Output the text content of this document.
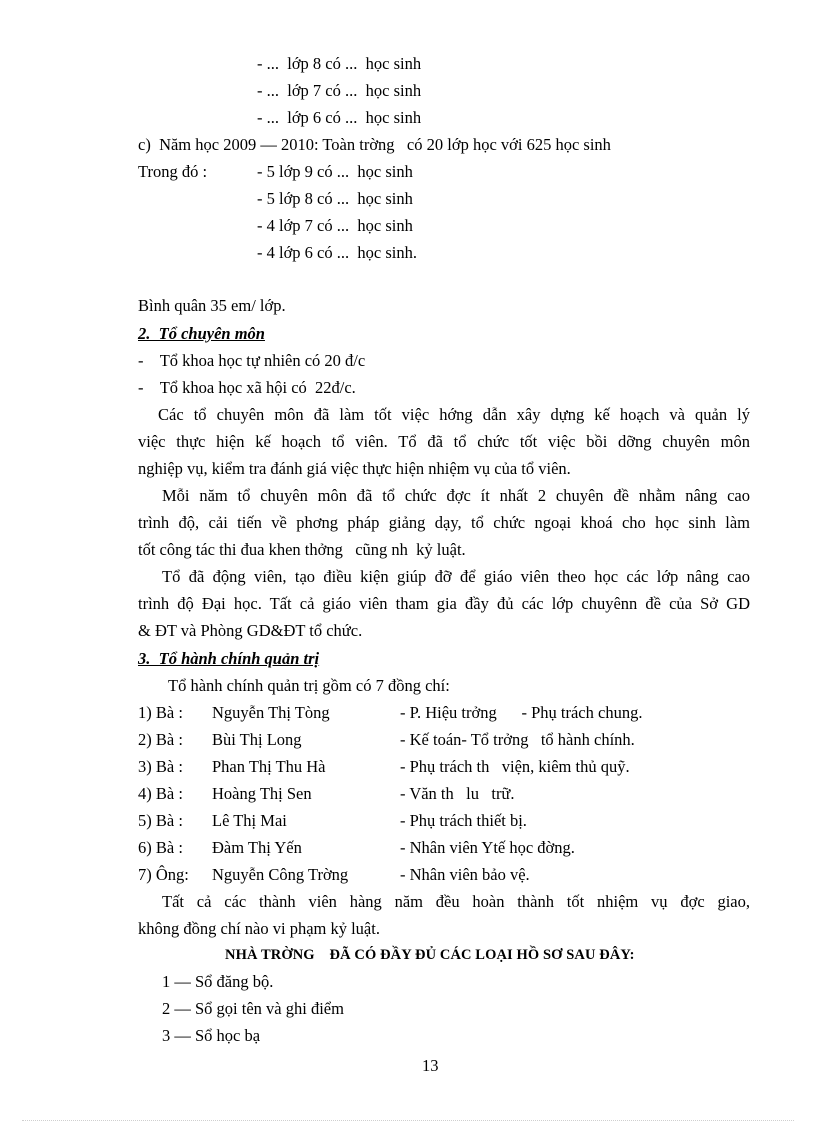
- ...  lớp 8 có ...  học sinh
- ...  lớp 7 có ...  học sinh
- ...  lớp 6 có ...  học sinh
c)  Năm học 2009 — 2010: Toàn trờng   có 20 lớp học với 625 học sinh
Trong đó :	- 5 lớp 9 có ...  học sinh
- 5 lớp 8 có ...  học sinh
- 4 lớp 7 có ...  học sinh
- 4 lớp 6 có ...  học sinh.
Bình quân 35 em/ lớp.
2.  Tổ chuyên môn
-    Tổ khoa học tự nhiên có 20 đ/c
-    Tổ khoa học xã hội có  22đ/c.
Các tổ chuyên môn đã làm tốt việc hớng dẫn xây dựng kế hoạch và quản lý
việc thực hiện kế hoạch tổ viên. Tổ đã tổ chức tốt việc bồi dỡng chuyên môn
nghiệp vụ, kiểm tra đánh giá việc thực hiện nhiệm vụ của tổ viên.
Mỗi năm tổ chuyên môn đã tổ chức đợc ít nhất 2 chuyên đề nhằm nâng cao
trình độ, cải tiến về phơng pháp giảng dạy, tổ chức ngoại khoá cho học sinh làm
tốt công tác thi đua khen thởng   cũng nh  kỷ luật.
Tổ đã động viên, tạo điều kiện giúp đỡ để giáo viên theo học các lớp nâng cao
trình độ Đại học. Tất cả giáo viên tham gia đầy đủ các lớp chuyênn đề của Sở GD
& ĐT và Phòng GD&ĐT tổ chức.
3.  Tổ hành chính quản trị
Tổ hành chính quản trị gồm có 7 đồng chí:
1) Bà : Nguyễn Thị Tòng	- P. Hiệu trởng      - Phụ trách chung.
2) Bà : Bùi Thị Long	- Kế toán- Tổ trởng   tổ hành chính.
3) Bà : Phan Thị Thu Hà	- Phụ trách th   viện, kiêm thủ quỹ.
4) Bà : Hoàng Thị Sen	- Văn th   lu   trữ.
5) Bà : Lê Thị Mai	- Phụ trách thiết bị.
6) Bà : Đàm Thị Yến	- Nhân viên Ytế học đờng.
7) Ông: Nguyễn Công Trờng	- Nhân viên bảo vệ.
Tất cả các thành viên hàng năm đều hoàn thành tốt nhiệm vụ đợc giao,
không đồng chí nào vi phạm kỷ luật.
NHÀ TRỜNG    ĐÃ CÓ ĐẦY ĐỦ CÁC LOẠI HỒ SƠ SAU ĐÂY:
1 — Sổ đăng bộ.
2 — Sổ gọi tên và ghi điểm
3 — Sổ học bạ
13
